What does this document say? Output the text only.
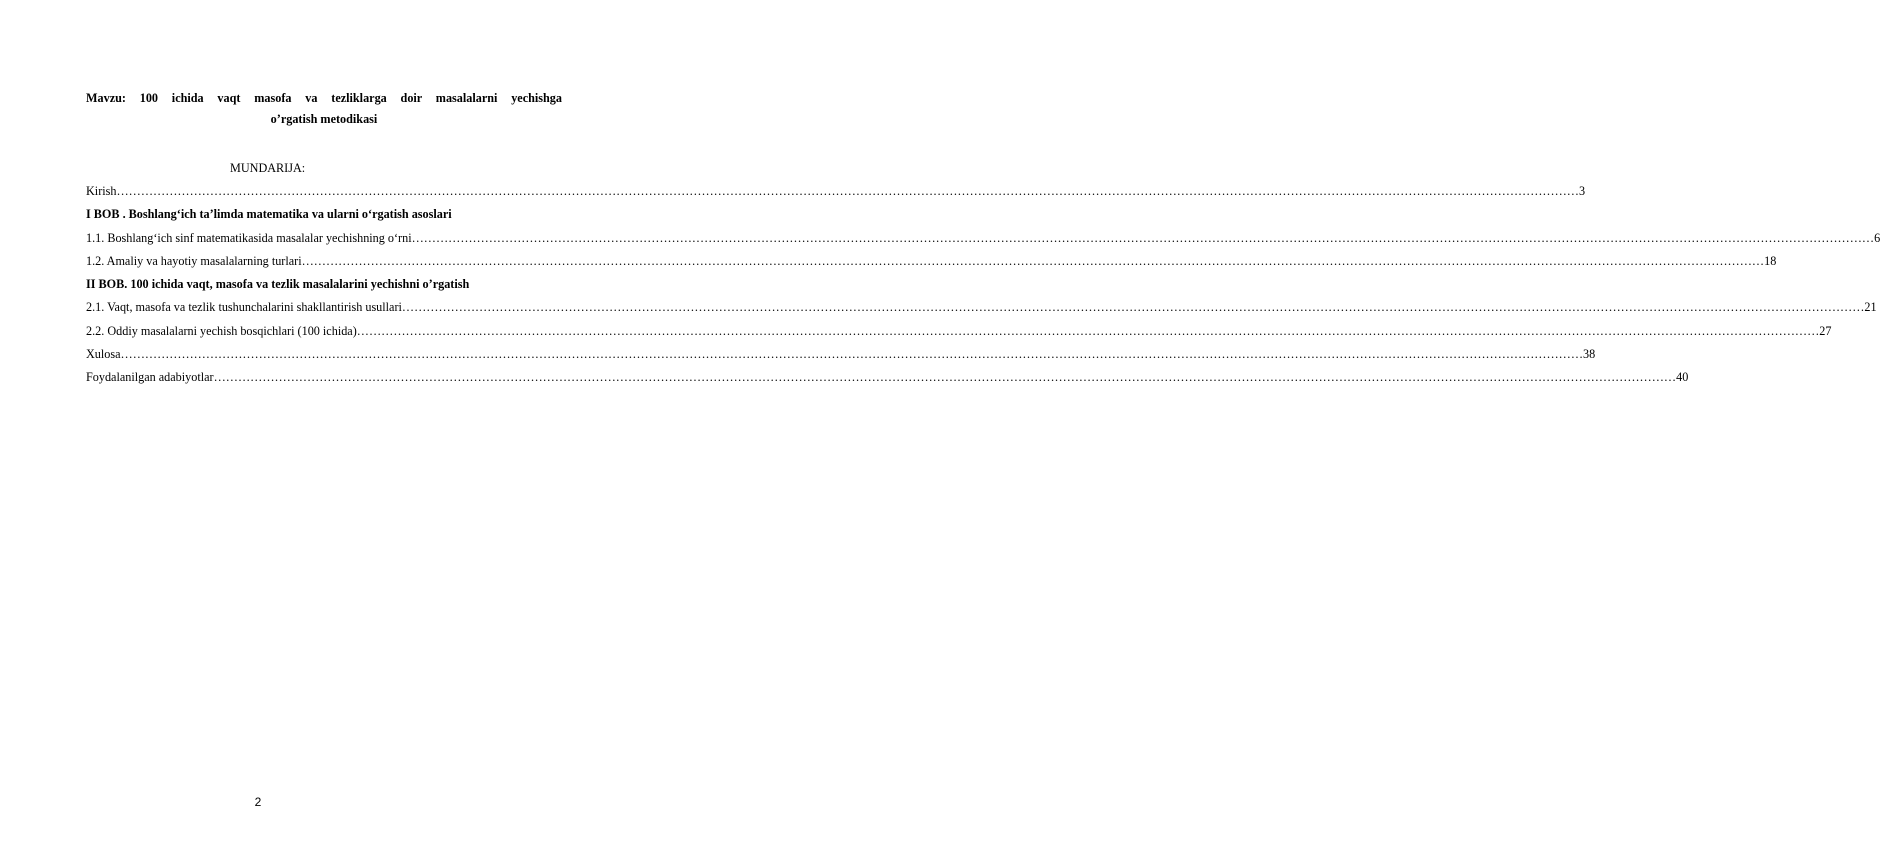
Mavzu: 100 ichida vaqt masofa va tezliklarga doir masalalarni yechishga
o’rgatish metodikasi
MUNDARIJA:
Kirish ……………………………………………………………………………………………………………………………………………………………………………………………………………………………………………………………………………………………………………………………… 3
I BOB . Boshlang‘ich ta’limda matematika va ularni o‘rgatish asoslari
1.1. Boshlang‘ich sinf matematikasida masalalar yechishning o‘rni ……………………………………………………………………………………………………………………………………………………………………………………………………………………………………………………………………………………………………………………………… 6
1.2. Amaliy va hayotiy masalalarning turlari ……………………………………………………………………………………………………………………………………………………………………………………………………………………………………………………………………………………………………………………………… 18
II BOB. 100 ichida vaqt, masofa va tezlik masalalarini yechishni o’rgatish
2.1. Vaqt, masofa va tezlik tushunchalarini shakllantirish usullari ……………………………………………………………………………………………………………………………………………………………………………………………………………………………………………………………………………………………………………………………… 21
2.2. Oddiy masalalarni yechish bosqichlari (100 ichida) ……………………………………………………………………………………………………………………………………………………………………………………………………………………………………………………………………………………………………………………………… 27
Xulosa ……………………………………………………………………………………………………………………………………………………………………………………………………………………………………………………………………………………………………………………………… 38
Foydalanilgan adabiyotlar ……………………………………………………………………………………………………………………………………………………………………………………………………………………………………………………………………………………………………………………………… 40
2
